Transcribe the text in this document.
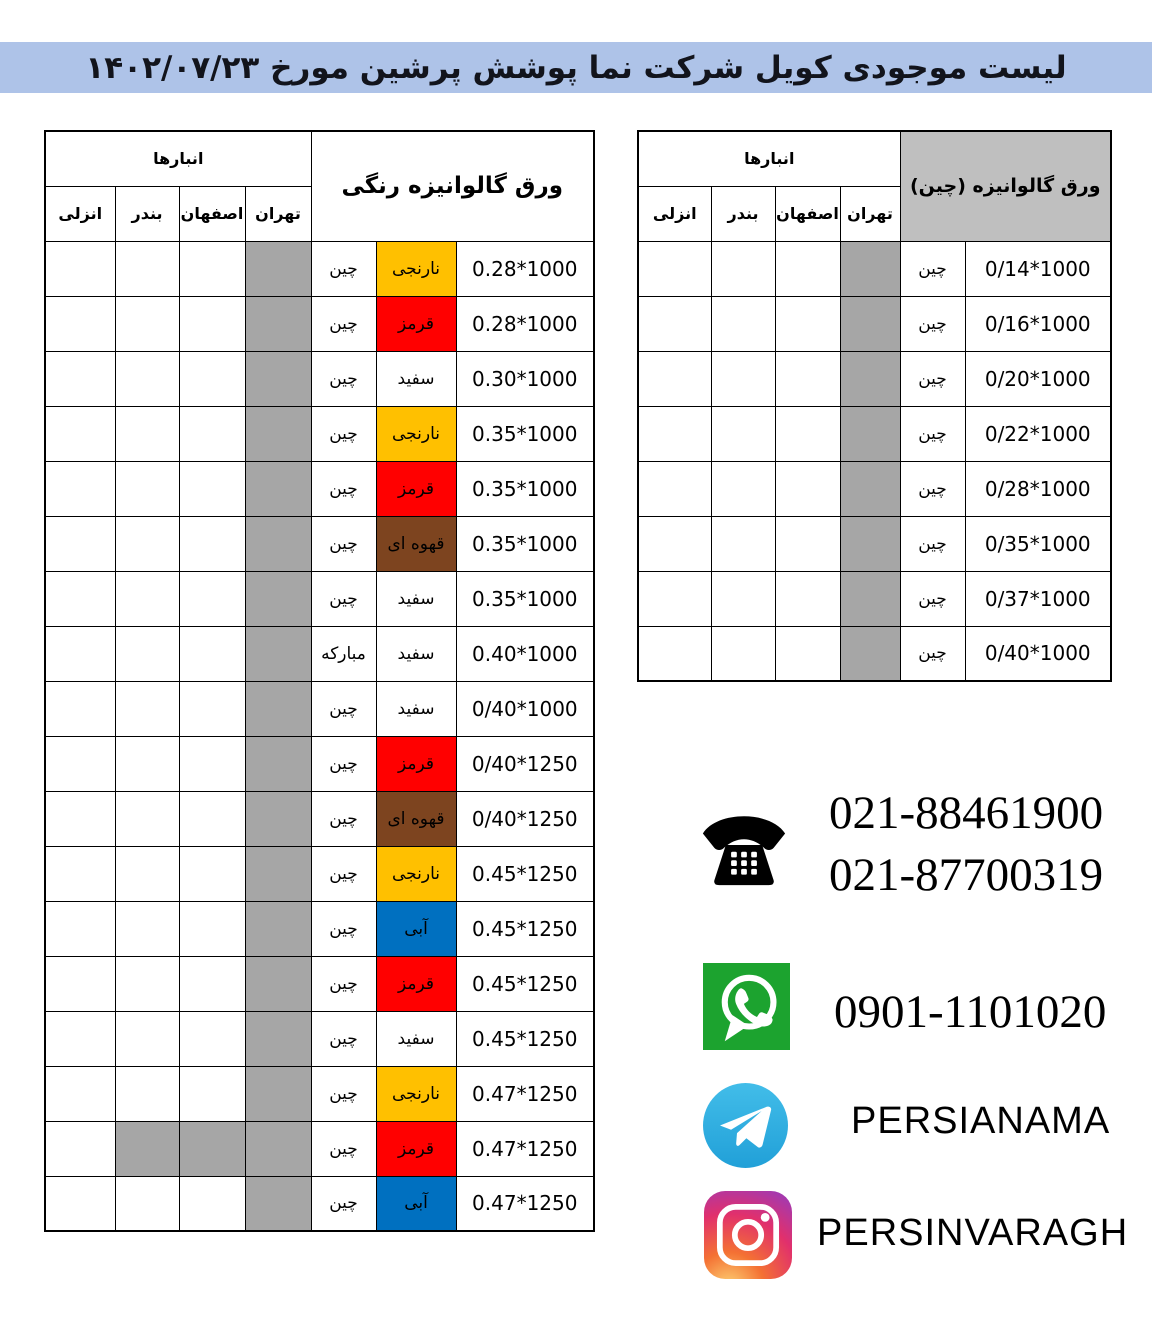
لیست موجودی کویل شرکت نما پوشش پرشین مورخ ۱۴۰۲/۰۷/۲۳
ورق گالوانیزه رنگی			انبارها			
			تهران	اصفهان	بندر	انزلی
0.28*1000	نارنجی	چین				
0.28*1000	قرمز	چین				
0.30*1000	سفید	چین				
0.35*1000	نارنجی	چین				
0.35*1000	قرمز	چین				
0.35*1000	قهوه ای	چین				
0.35*1000	سفید	چین				
0.40*1000	سفید	مبارکه				
0/40*1000	سفید	چین				
0/40*1250	قرمز	چین				
0/40*1250	قهوه ای	چین				
0.45*1250	نارنجی	چین				
0.45*1250	آبی	چین				
0.45*1250	قرمز	چین				
0.45*1250	سفید	چین				
0.47*1250	نارنجی	چین				
0.47*1250	قرمز	چین				
0.47*1250	آبی	چین				
ورق گالوانیزه (چین)		انبارها			
		تهران	اصفهان	بندر	انزلی
0/14*1000	چین				
0/16*1000	چین				
0/20*1000	چین				
0/22*1000	چین				
0/28*1000	چین				
0/35*1000	چین				
0/37*1000	چین				
0/40*1000	چین				
021-88461900
021-87700319
0901-1101020
PERSIANAMA
PERSINVARAGH
